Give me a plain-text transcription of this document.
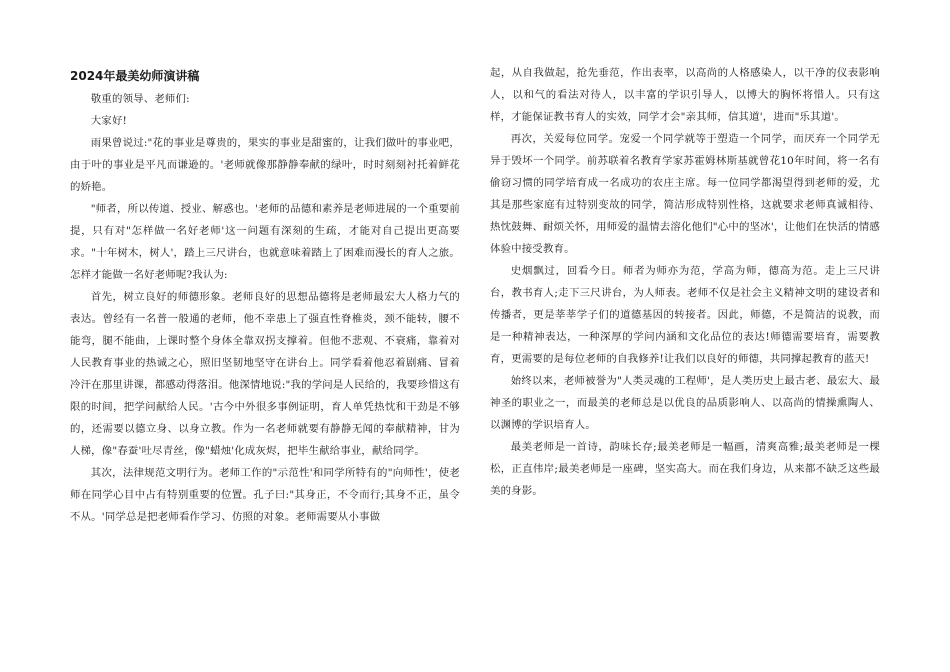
2024年最美幼师演讲稿

敬重的领导、老师们:

大家好!

雨果曾说过:"花的事业是尊贵的，果实的事业是甜蜜的，让我们做叶的事业吧，由于叶的事业是平凡而谦逊的。'老师就像那静静奉献的绿叶，时时刻刻衬托着鲜花的娇艳。

"师者，所以传道、授业、解惑也。'老师的品德和素养是老师进展的一个重要前提，只有对"怎样做一名好老师'这一问题有深刻的生疏，才能对自己提出更高要求。"十年树木，树人'，踏上三尺讲台，也就意味着踏上了困难而漫长的育人之旅。怎样才能做一名好老师呢?我认为:

首先，树立良好的师德形象。老师良好的思想品德将是老师最宏大人格力气的表达。曾经有一名普一般通的老师，他不幸患上了强直性脊椎炎，颈不能转，腰不能弯，腿不能曲，上课时整个身体全靠双拐支撑着。但他不悲观、不衰痛，靠着对人民教育事业的热诚之心，照旧坚韧地坚守在讲台上。同学看着他忍着剧痛、冒着冷汗在那里讲课，都感动得落泪。他深情地说:"我的学问是人民给的，我要珍惜这有限的时间，把学问献给人民。'古今中外很多事例证明，育人单凭热忱和干劲是不够的，还需要以德立身、以身立教。作为一名老师就要有静静无闻的奉献精神，甘为人梯，像"春蚕'吐尽青丝，像"蜡烛'化成灰烬，把毕生献给事业，献给同学。

其次，法律规范文明行为。老师工作的"示范性'和同学所特有的"向师性'，使老师在同学心目中占有特别重要的位置。孔子曰:"其身正，不令而行;其身不正，虽令不从。'同学总是把老师看作学习、仿照的对象。老师需要从小事做

起，从自我做起，抢先垂范，作出表率，以高尚的人格感染人，以干净的仪表影响人，以和气的看法对待人，以丰富的学识引导人，以博大的胸怀将惜人。只有这样，才能保证教书育人的实效，同学才会"亲其师，信其道'，进而"乐其道'。

再次，关爱每位同学。宠爱一个同学就等于塑造一个同学，而厌弃一个同学无异于毁坏一个同学。前苏联着名教育学家苏霍姆林斯基就曾花10年时间，将一名有偷窃习惯的同学培育成一名成功的农庄主席。每一位同学都渴望得到老师的爱，尤其是那些家庭有过特别变故的同学，简洁形成特别性格，这就要求老师真诚相待、热忱鼓舞、耐烦关怀，用师爱的温情去溶化他们"心中的坚冰'，让他们在快活的情感体验中接受教育。

史烟飘过，回看今日。师者为师亦为范，学高为师，德高为范。走上三尺讲台，教书育人;走下三尺讲台，为人师表。老师不仅是社会主义精神文明的建设者和传播者，更是莘莘学子们的道德基因的转接者。因此，师德，不是简洁的说教，而是一种精神表达，一种深厚的学问内涵和文化品位的表达!师德需要培育，需要教育，更需要的是每位老师的自我修养!让我们以良好的师德，共同撑起教育的蓝天!

始终以来，老师被誉为"人类灵魂的工程师'，是人类历史上最古老、最宏大、最神圣的职业之一，而最美的老师总是以优良的品质影响人、以高尚的情操熏陶人、以渊博的学识培育人。

最美老师是一首诗，韵味长存;最美老师是一幅画，清爽高雅;最美老师是一棵松，正直伟岸;最美老师是一座碑，坚实高大。而在我们身边，从来都不缺乏这些最美的身影。
